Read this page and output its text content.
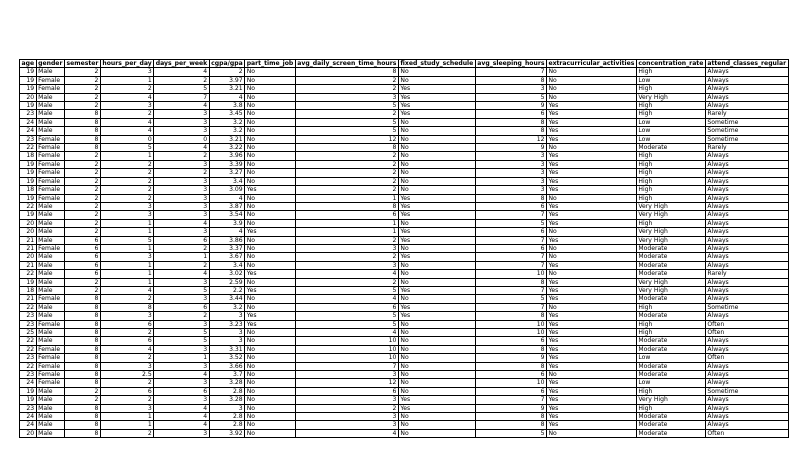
age	gender	semester	hours_per_day	days_per_week	cgpa/gpa	part_time_job	avg_daily_screen_time_hours	fixed_study_schedule	avg_sleeping_hours	extracurricular_activities	concentration_rate	attend_classes_regular
19	Male	2	3	4	2	No	8	No	7	No	High	Always
19	Female	2	1	2	3.97	No	2	No	8	No	Low	Always
19	Female	2	2	5	3.21	No	2	Yes	3	No	High	Always
20	Male	2	4	7	4	No	3	Yes	5	No	Very High	Always
19	Male	2	3	4	3.8	No	5	Yes	9	Yes	High	Always
23	Male	8	2	3	3.45	No	2	Yes	6	Yes	High	Rarely
24	Male	8	4	3	3.2	No	5	No	8	Yes	Low	Sometime
24	Male	8	4	3	3.2	No	5	No	8	Yes	Low	Sometime
23	Female	8	0	0	3.21	No	12	No	12	Yes	Low	Sometime
22	Female	8	5	4	3.22	No	8	No	9	No	Moderate	Rarely
18	Female	2	1	2	3.96	No	2	No	3	Yes	High	Always
19	Female	2	2	3	3.39	No	2	No	3	Yes	High	Always
19	Female	2	2	2	3.27	No	2	No	3	Yes	High	Always
19	Female	2	2	3	3.4	No	2	No	3	Yes	High	Always
18	Female	2	2	3	3.09	Yes	2	No	3	Yes	High	Always
19	Female	2	2	3	4	No	1	Yes	8	No	High	Always
22	Male	2	3	3	3.87	No	8	Yes	6	Yes	Very High	Always
19	Male	2	3	3	3.54	No	6	Yes	7	Yes	Very High	Always
20	Male	2	1	4	3.9	No	1	No	5	Yes	High	Always
20	Male	2	1	3	4	Yes	1	Yes	6	No	Very High	Always
21	Male	6	5	6	3.86	No	2	Yes	7	Yes	Very High	Always
21	Female	6	1	2	3.37	No	3	No	6	No	Moderate	Always
20	Male	6	3	1	3.67	No	2	Yes	7	No	Moderate	Always
21	Male	6	1	2	3.4	No	3	No	7	Yes	Moderate	Always
22	Male	6	1	4	3.02	Yes	4	No	10	No	Moderate	Rarely
19	Male	2	1	3	2.59	No	2	No	8	Yes	Very High	Always
18	Male	2	4	5	2.2	Yes	5	Yes	7	Yes	Very High	Always
21	Female	8	2	3	3.44	No	4	No	5	Yes	Moderate	Always
22	Male	8	8	6	3.2	No	6	Yes	7	No	High	Sometime
23	Male	8	3	2	3	Yes	5	Yes	8	Yes	Moderate	Always
23	Female	8	6	3	3.23	Yes	5	No	10	Yes	High	Often
25	Male	8	2	5	3	No	4	No	10	Yes	High	Often
22	Male	8	6	5	3	No	10	No	6	Yes	Moderate	Always
22	Female	8	4	3	3.31	No	10	No	8	Yes	Moderate	Always
23	Female	8	2	1	3.52	No	10	No	9	Yes	Low	Often
22	Female	8	3	3	3.66	No	7	No	8	Yes	Moderate	Always
23	Female	8	2.5	4	3.7	No	3	No	6	No	Moderate	Always
24	Female	8	2	3	3.28	No	12	No	10	Yes	Low	Always
19	Male	2	6	6	2.8	No	6	No	6	Yes	High	Sometime
19	Male	2	2	3	3.28	No	3	Yes	7	Yes	Very High	Always
23	Male	8	3	4	3	No	2	Yes	9	Yes	High	Always
24	Male	8	1	4	2.8	No	3	No	8	Yes	Moderate	Always
24	Male	8	1	4	2.8	No	3	No	8	Yes	Moderate	Always
20	Male	8	2	3	3.92	No	4	No	5	No	Moderate	Often
